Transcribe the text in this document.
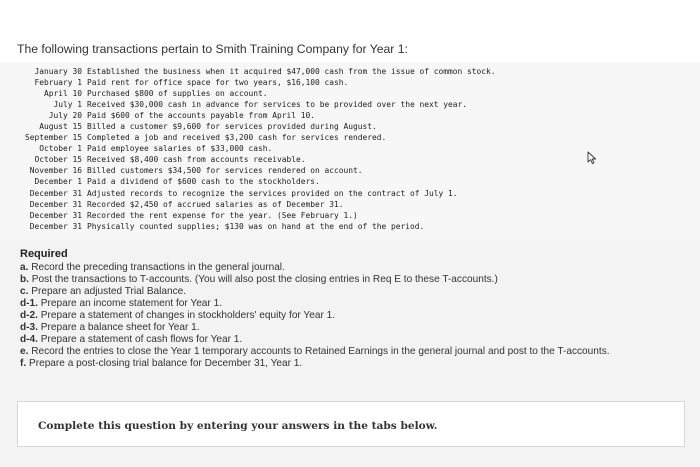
The following transactions pertain to Smith Training Company for Year 1:
January 30	Established the business when it acquired $47,000 cash from the issue of common stock.
February 1	Paid rent for office space for two years, $16,100 cash.
April 10	Purchased $800 of supplies on account.
July 1	Received $30,000 cash in advance for services to be provided over the next year.
July 20	Paid $600 of the accounts payable from April 10.
August 15	Billed a customer $9,600 for services provided during August.
September 15	Completed a job and received $3,200 cash for services rendered.
October 1	Paid employee salaries of $33,000 cash.
October 15	Received $8,400 cash from accounts receivable.
November 16	Billed customers $34,500 for services rendered on account.
December 1	Paid a dividend of $600 cash to the stockholders.
December 31	Adjusted records to recognize the services provided on the contract of July 1.
December 31	Recorded $2,450 of accrued salaries as of December 31.
December 31	Recorded the rent expense for the year. (See February 1.)
December 31	Physically counted supplies; $130 was on hand at the end of the period.
Required
a. Record the preceding transactions in the general journal.
b. Post the transactions to T-accounts. (You will also post the closing entries in Req E to these T-accounts.)
c. Prepare an adjusted Trial Balance.
d-1. Prepare an income statement for Year 1.
d-2. Prepare a statement of changes in stockholders' equity for Year 1.
d-3. Prepare a balance sheet for Year 1.
d-4. Prepare a statement of cash flows for Year 1.
e. Record the entries to close the Year 1 temporary accounts to Retained Earnings in the general journal and post to the T-accounts.
f. Prepare a post-closing trial balance for December 31, Year 1.
Complete this question by entering your answers in the tabs below.
